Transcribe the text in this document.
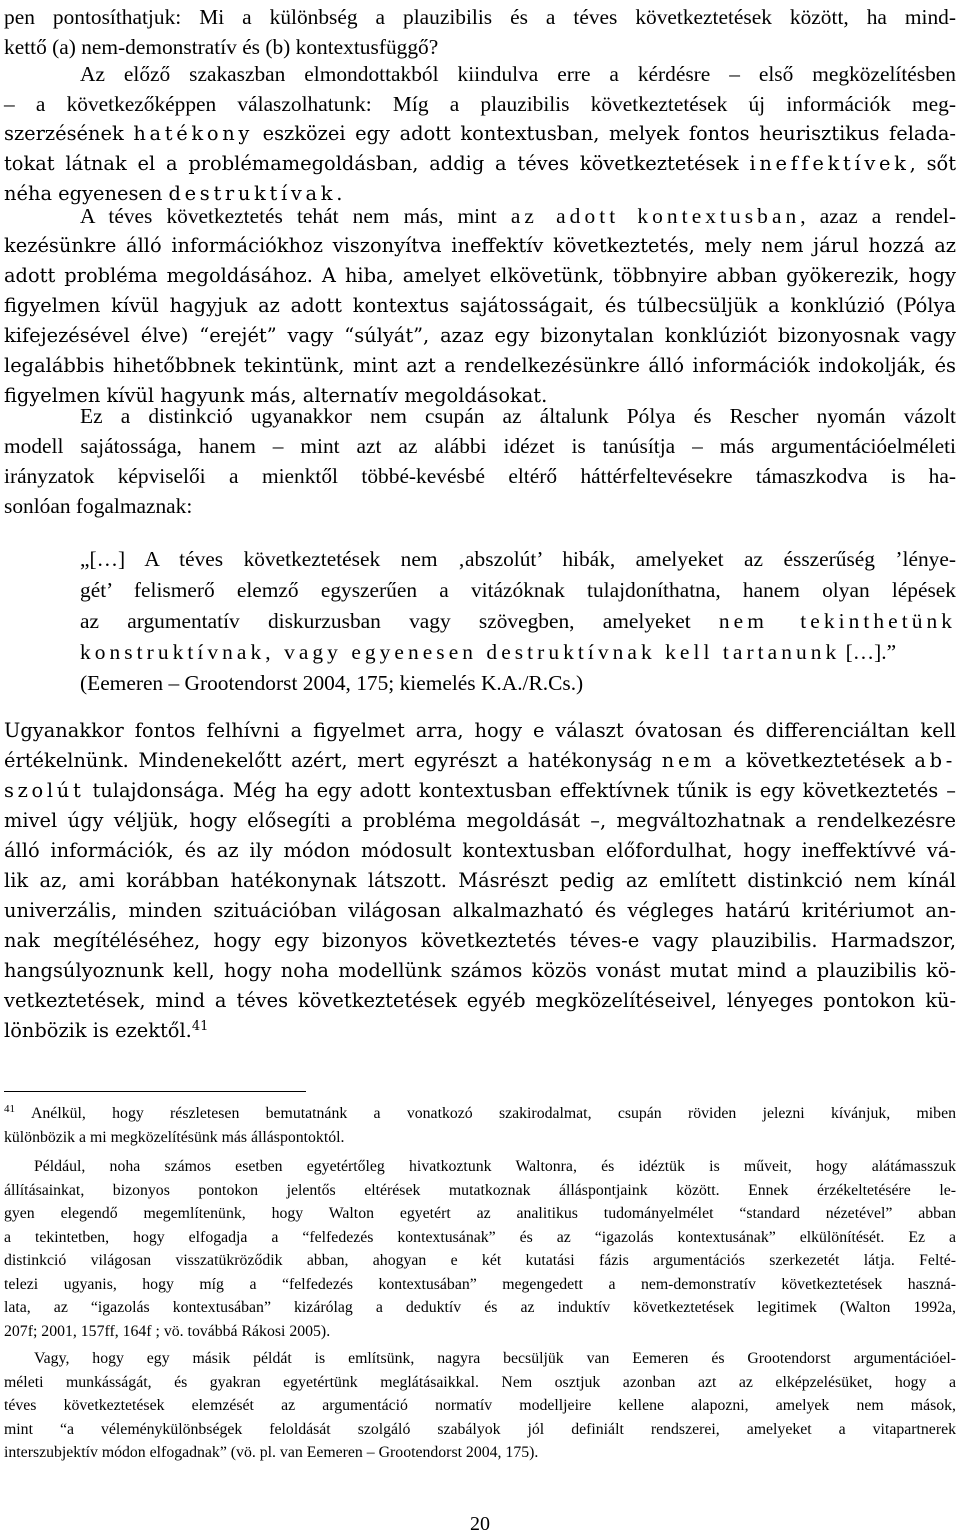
pen pontosíthatjuk: Mi a különbség a plauzibilis és a téves következtetések között, ha mind-
kettő (a) nem-demonstratív és (b) kontextusfüggő?
Az előző szakaszban elmondottakból kiindulva erre a kérdésre – első megközelítésben
– a következőképpen válaszolhatunk: Míg a plauzibilis következtetések új információk meg-
szerzésének hatékony eszközei egy adott kontextusban, melyek fontos heurisztikus felada-
tokat látnak el a problémamegoldásban, addig a téves következtetések ineffektívek, sőt
néha egyenesen destruktívak.
A téves következtetés tehát nem más, mint az adott kontextusban, azaz a rendel-
kezésünkre álló információkhoz viszonyítva ineffektív következtetés, mely nem járul hozzá az
adott probléma megoldásához. A hiba, amelyet elkövetünk, többnyire abban gyökerezik, hogy
figyelmen kívül hagyjuk az adott kontextus sajátosságait, és túlbecsüljük a konklúzió (Pólya
kifejezésével élve) “erejét” vagy “súlyát”, azaz egy bizonytalan konklúziót bizonyosnak vagy
legalábbis hihetőbbnek tekintünk, mint azt a rendelkezésünkre álló információk indokolják, és
figyelmen kívül hagyunk más, alternatív megoldásokat.
Ez a distinkció ugyanakkor nem csupán az általunk Pólya és Rescher nyomán vázolt
modell sajátossága, hanem – mint azt az alábbi idézet is tanúsítja – más argumentációelméleti
irányzatok képviselői a mienktől többé-kevésbé eltérő háttérfeltevésekre támaszkodva is ha-
sonlóan fogalmaznak:
„[…] A téves következtetések nem ‚abszolút’ hibák, amelyeket az ésszerűség ’lénye-
gét’ felismerő elemző egyszerűen a vitázóknak tulajdoníthatna, hanem olyan lépések
az argumentatív diskurzusban vagy szövegben, amelyeket nem tekinthetünk
konstruktívnak, vagy egyenesen destruktívnak kell tartanunk […].”
(Eemeren – Grootendorst 2004, 175; kiemelés K.A./R.Cs.)
Ugyanakkor fontos felhívni a figyelmet arra, hogy e választ óvatosan és differenciáltan kell
értékelnünk. Mindenekelőtt azért, mert egyrészt a hatékonyság nem a következtetések ab-
szolút tulajdonsága. Még ha egy adott kontextusban effektívnek tűnik is egy következtetés –
mivel úgy véljük, hogy elősegíti a probléma megoldását –, megváltozhatnak a rendelkezésre
álló információk, és az ily módon módosult kontextusban előfordulhat, hogy ineffektívvé vá-
lik az, ami korábban hatékonynak látszott. Másrészt pedig az említett distinkció nem kínál
univerzális, minden szituációban világosan alkalmazható és végleges határú kritériumot an-
nak megítéléséhez, hogy egy bizonyos következtetés téves-e vagy plauzibilis. Harmadszor,
hangsúlyoznunk kell, hogy noha modellünk számos közös vonást mutat mind a plauzibilis kö-
vetkeztetések, mind a téves következtetések egyéb megközelítéseivel, lényeges pontokon kü-
lönbözik is ezektől.$^{41}$
$^{41}$ Anélkül, hogy részletesen bemutatnánk a vonatkozó szakirodalmat, csupán röviden jelezni kívánjuk, miben
különbözik a mi megközelítésünk más álláspontoktól.
Például, noha számos esetben egyetértőleg hivatkoztunk Waltonra, és idéztük is műveit, hogy alátámasszuk
állításainkat, bizonyos pontokon jelentős eltérések mutatkoznak álláspontjaink között. Ennek érzékeltetésére le-
gyen elegendő megemlítenünk, hogy Walton egyetért az analitikus tudományelmélet “standard nézetével” abban
a tekintetben, hogy elfogadja a “felfedezés kontextusának” és az “igazolás kontextusának” elkülönítését. Ez a
distinkció világosan visszatükröződik abban, ahogyan e két kutatási fázis argumentációs szerkezetét látja. Felté-
telezi ugyanis, hogy míg a “felfedezés kontextusában” megengedett a nem-demonstratív következtetések haszná-
lata, az “igazolás kontextusában” kizárólag a deduktív és az induktív következtetések legitimek (Walton 1992a,
207f; 2001, 157ff, 164f ; vö. továbbá Rákosi 2005).
Vagy, hogy egy másik példát is említsünk, nagyra becsüljük van Eemeren és Grootendorst argumentációel-
méleti munkásságát, és gyakran egyetértünk meglátásaikkal. Nem osztjuk azonban azt az elképzelésüket, hogy a
téves következtetések elemzését az argumentáció normatív modelljeire kellene alapozni, amelyek nem mások,
mint “a véleménykülönbségek feloldását szolgáló szabályok jól definiált rendszerei, amelyeket a vitapartnerek
interszubjektív módon elfogadnak” (vö. pl. van Eemeren – Grootendorst 2004, 175).
20
